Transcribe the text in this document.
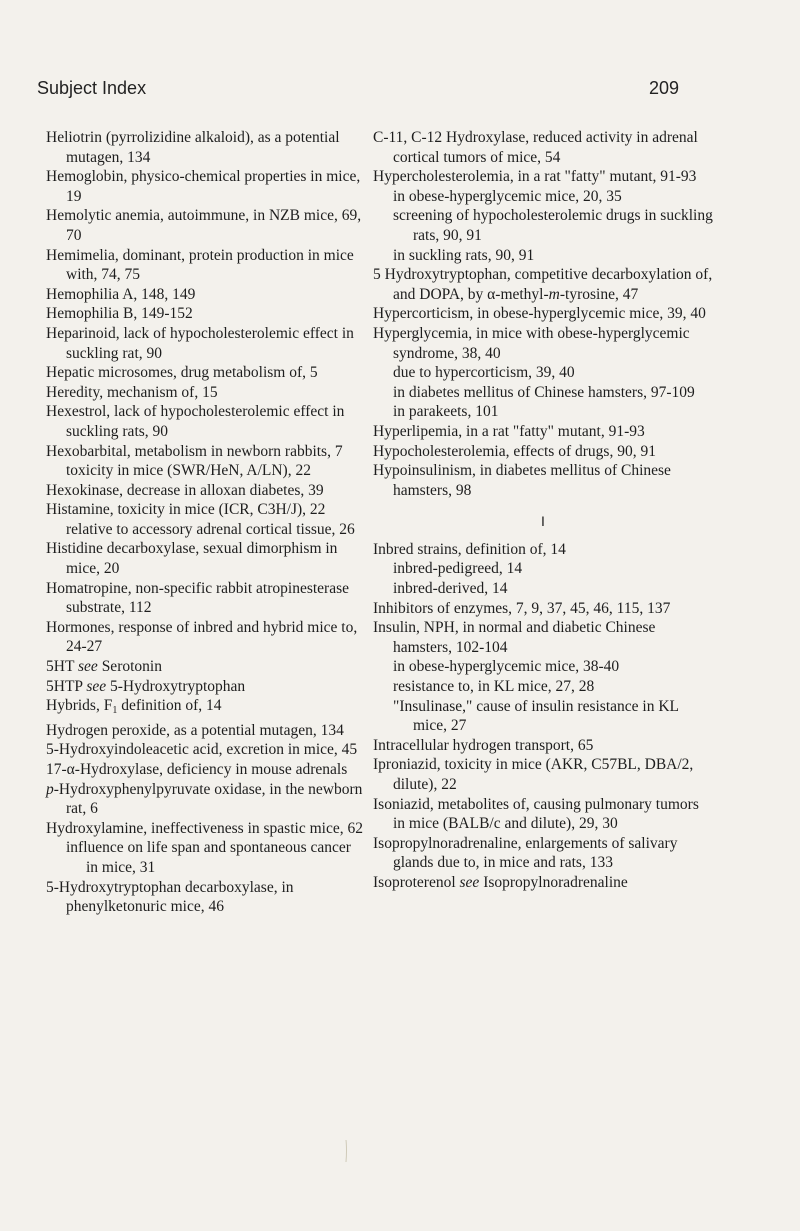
Subject Index	209
Heliotrin (pyrrolizidine alkaloid), as a potential mutagen, 134
Hemoglobin, physico-chemical properties in mice, 19
Hemolytic anemia, autoimmune, in NZB mice, 69, 70
Hemimelia, dominant, protein production in mice with, 74, 75
Hemophilia A, 148, 149
Hemophilia B, 149-152
Heparinoid, lack of hypocholesterolemic effect in suckling rat, 90
Hepatic microsomes, drug metabolism of, 5
Heredity, mechanism of, 15
Hexestrol, lack of hypocholesterolemic effect in suckling rats, 90
Hexobarbital, metabolism in newborn rabbits, 7
toxicity in mice (SWR/HeN, A/LN), 22
Hexokinase, decrease in alloxan diabetes, 39
Histamine, toxicity in mice (ICR, C3H/J), 22
relative to accessory adrenal cortical tissue, 26
Histidine decarboxylase, sexual dimorphism in mice, 20
Homatropine, non-specific rabbit atropinesterase substrate, 112
Hormones, response of inbred and hybrid mice to, 24-27
5HT see Serotonin
5HTP see 5-Hydroxytryptophan
Hybrids, F1 definition of, 14
Hydrogen peroxide, as a potential mutagen, 134
5-Hydroxyindoleacetic acid, excretion in mice, 45
17-α-Hydroxylase, deficiency in mouse adrenals
p-Hydroxyphenylpyruvate oxidase, in the newborn rat, 6
Hydroxylamine, ineffectiveness in spastic mice, 62
influence on life span and spontaneous cancer in mice, 31
5-Hydroxytryptophan decarboxylase, in phenylketonuric mice, 46
C-11, C-12 Hydroxylase, reduced activity in adrenal cortical tumors of mice, 54
Hypercholesterolemia, in a rat "fatty" mutant, 91-93
in obese-hyperglycemic mice, 20, 35
screening of hypocholesterolemic drugs in suckling rats, 90, 91
in suckling rats, 90, 91
5 Hydroxytryptophan, competitive decarboxylation of, and DOPA, by α-methyl-m-tyrosine, 47
Hypercorticism, in obese-hyperglycemic mice, 39, 40
Hyperglycemia, in mice with obese-hyperglycemic syndrome, 38, 40
due to hypercorticism, 39, 40
in diabetes mellitus of Chinese hamsters, 97-109
in parakeets, 101
Hyperlipemia, in a rat "fatty" mutant, 91-93
Hypocholesterolemia, effects of drugs, 90, 91
Hypoinsulinism, in diabetes mellitus of Chinese hamsters, 98
I
Inbred strains, definition of, 14
inbred-pedigreed, 14
inbred-derived, 14
Inhibitors of enzymes, 7, 9, 37, 45, 46, 115, 137
Insulin, NPH, in normal and diabetic Chinese hamsters, 102-104
in obese-hyperglycemic mice, 38-40
resistance to, in KL mice, 27, 28
"Insulinase," cause of insulin resistance in KL mice, 27
Intracellular hydrogen transport, 65
Iproniazid, toxicity in mice (AKR, C57BL, DBA/2, dilute), 22
Isoniazid, metabolites of, causing pulmonary tumors in mice (BALB/c and dilute), 29, 30
Isopropylnoradrenaline, enlargements of salivary glands due to, in mice and rats, 133
Isoproterenol see Isopropylnoradrenaline
